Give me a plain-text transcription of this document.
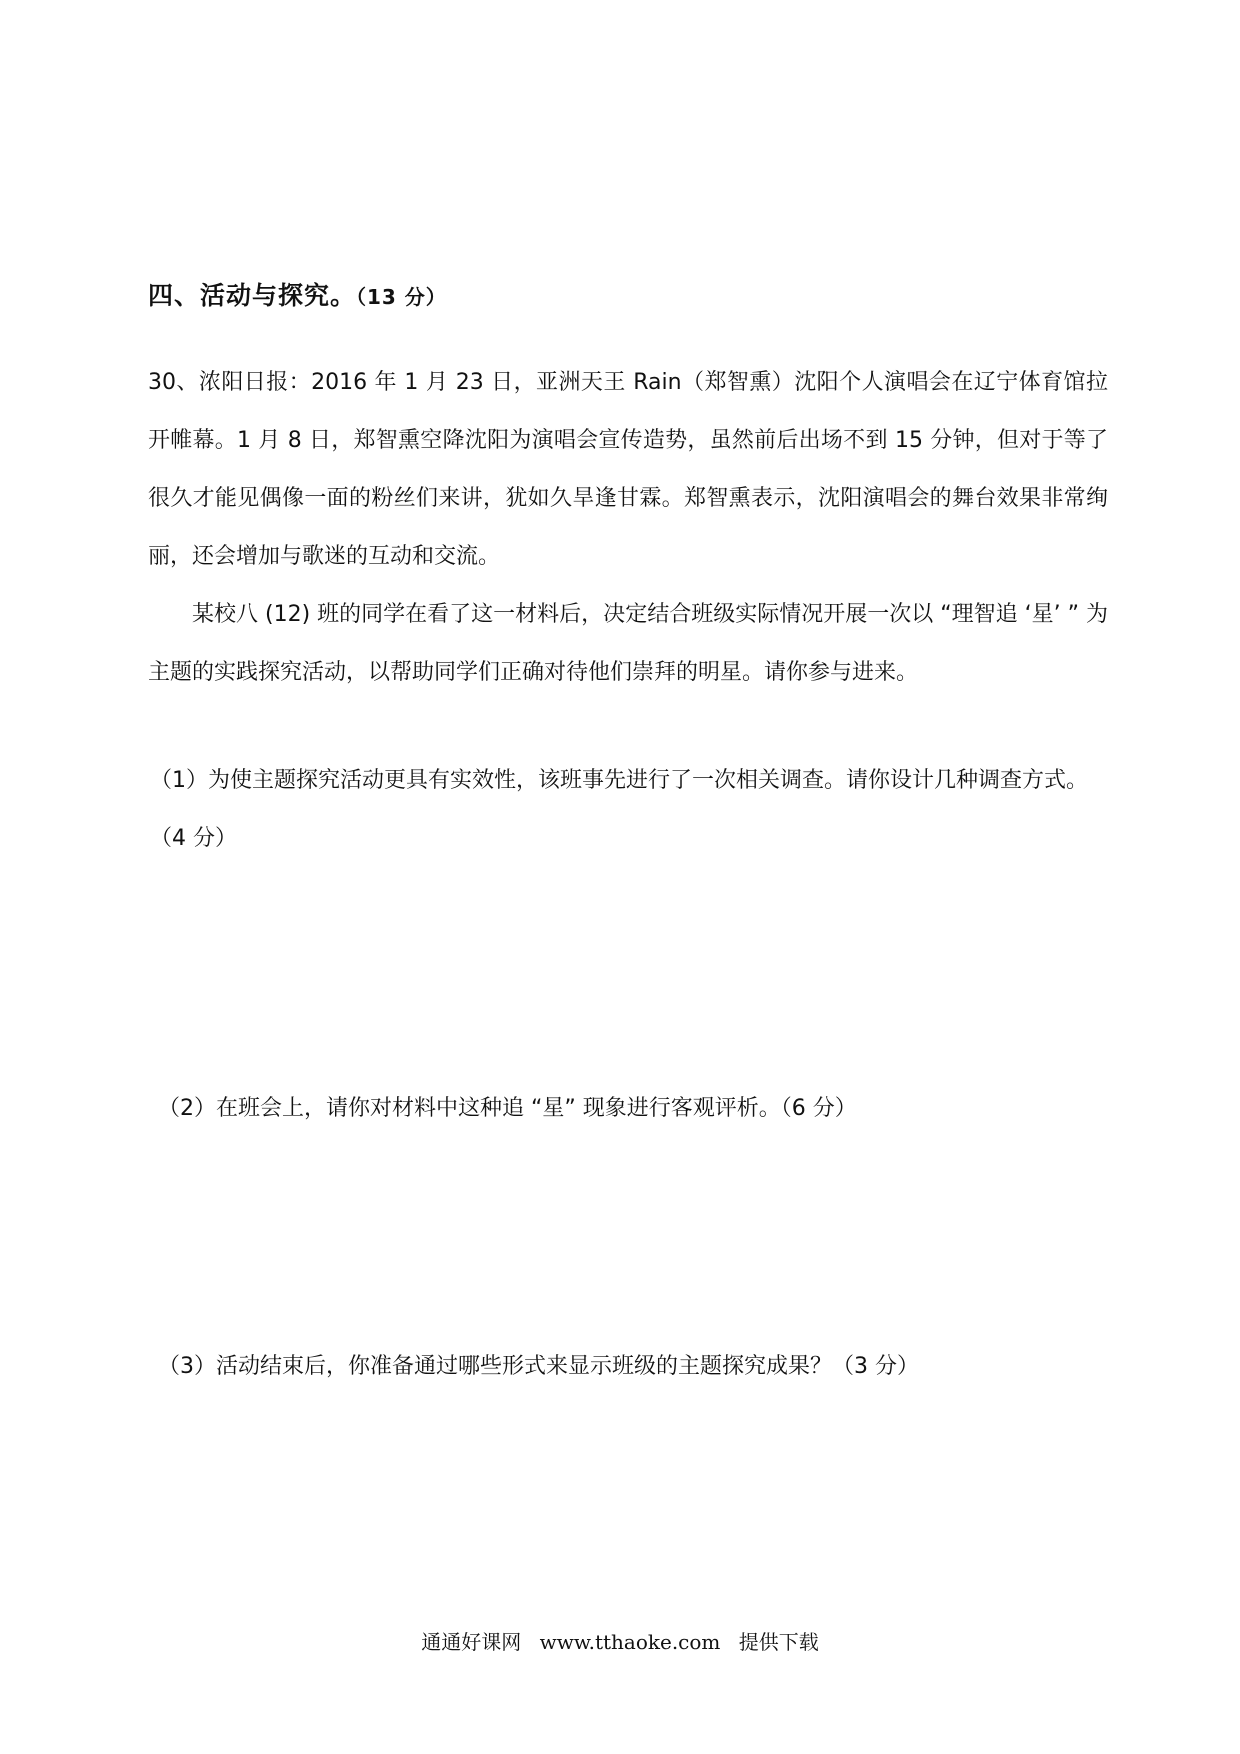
四、活动与探究。（13 分）
30、浓阳日报：2016 年 1 月 23 日，亚洲天王 Rain（郑智熏）沈阳个人演唱会在辽宁体育馆拉开帷幕。1 月 8 日，郑智熏空降沈阳为演唱会宣传造势，虽然前后出场不到 15 分钟，但对于等了很久才能见偶像一面的粉丝们来讲，犹如久旱逢甘霖。郑智熏表示，沈阳演唱会的舞台效果非常绚丽，还会增加与歌迷的互动和交流。
某校八 (12) 班的同学在看了这一材料后，决定结合班级实际情况开展一次以 “理智追 ‘星’ ” 为主题的实践探究活动，以帮助同学们正确对待他们崇拜的明星。请你参与进来。
（1）为使主题探究活动更具有实效性，该班事先进行了一次相关调查。请你设计几种调查方式。（4 分）
（2）在班会上，请你对材料中这种追 “星” 现象进行客观评析。（6 分）
（3）活动结束后，你准备通过哪些形式来显示班级的主题探究成果？（3 分）
通通好课网 www.tthaoke.com 提供下载
